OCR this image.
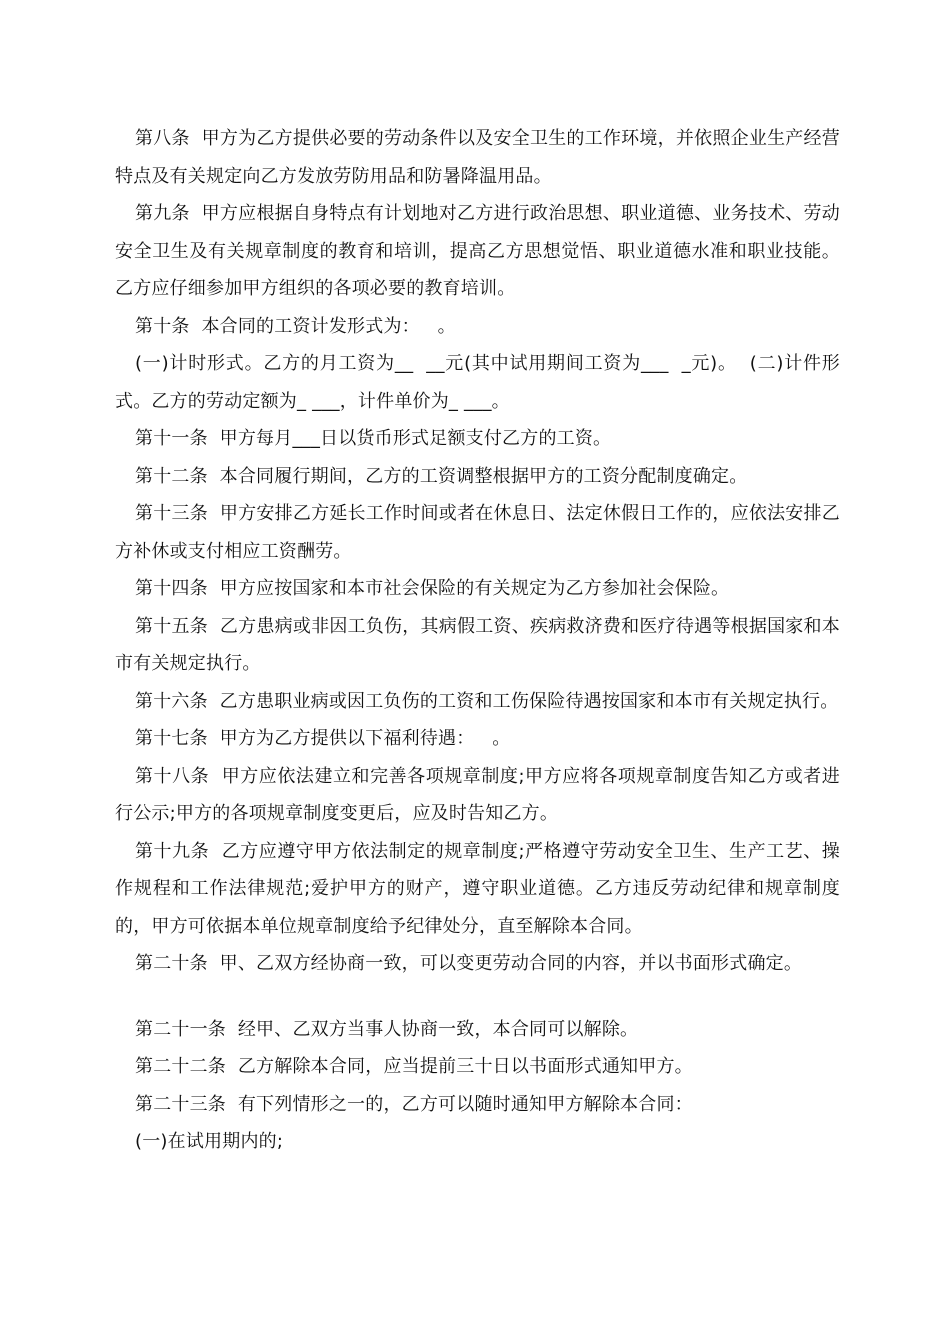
第八条  甲方为乙方提供必要的劳动条件以及安全卫生的工作环境，并依照企业生产经营特点及有关规定向乙方发放劳防用品和防暑降温用品。

第九条  甲方应根据自身特点有计划地对乙方进行政治思想、职业道德、业务技术、劳动安全卫生及有关规章制度的教育和培训，提高乙方思想觉悟、职业道德水准和职业技能。  乙方应仔细参加甲方组织的各项必要的教育培训。

第十条  本合同的工资计发形式为：   。

(一)计时形式。乙方的月工资为__  __元(其中试用期间工资为___  _元)。  (二)计件形式。乙方的劳动定额为_ ___，计件单价为_ ___。

第十一条  甲方每月___日以货币形式足额支付乙方的工资。

第十二条  本合同履行期间，乙方的工资调整根据甲方的工资分配制度确定。

第十三条  甲方安排乙方延长工作时间或者在休息日、法定休假日工作的，应依法安排乙方补休或支付相应工资酬劳。

第十四条  甲方应按国家和本市社会保险的有关规定为乙方参加社会保险。

第十五条  乙方患病或非因工负伤，其病假工资、疾病救济费和医疗待遇等根据国家和本市有关规定执行。

第十六条  乙方患职业病或因工负伤的工资和工伤保险待遇按国家和本市有关规定执行。

第十七条  甲方为乙方提供以下福利待遇：   。

第十八条  甲方应依法建立和完善各项规章制度;甲方应将各项规章制度告知乙方或者进行公示;甲方的各项规章制度变更后，应及时告知乙方。

第十九条  乙方应遵守甲方依法制定的规章制度;严格遵守劳动安全卫生、生产工艺、操作规程和工作法律规范;爱护甲方的财产，遵守职业道德。乙方违反劳动纪律和规章制度的，甲方可依据本单位规章制度给予纪律处分，直至解除本合同。

第二十条  甲、乙双方经协商一致，可以变更劳动合同的内容，并以书面形式确定。

第二十一条  经甲、乙双方当事人协商一致，本合同可以解除。

第二十二条  乙方解除本合同，应当提前三十日以书面形式通知甲方。

第二十三条  有下列情形之一的，乙方可以随时通知甲方解除本合同：

(一)在试用期内的;
